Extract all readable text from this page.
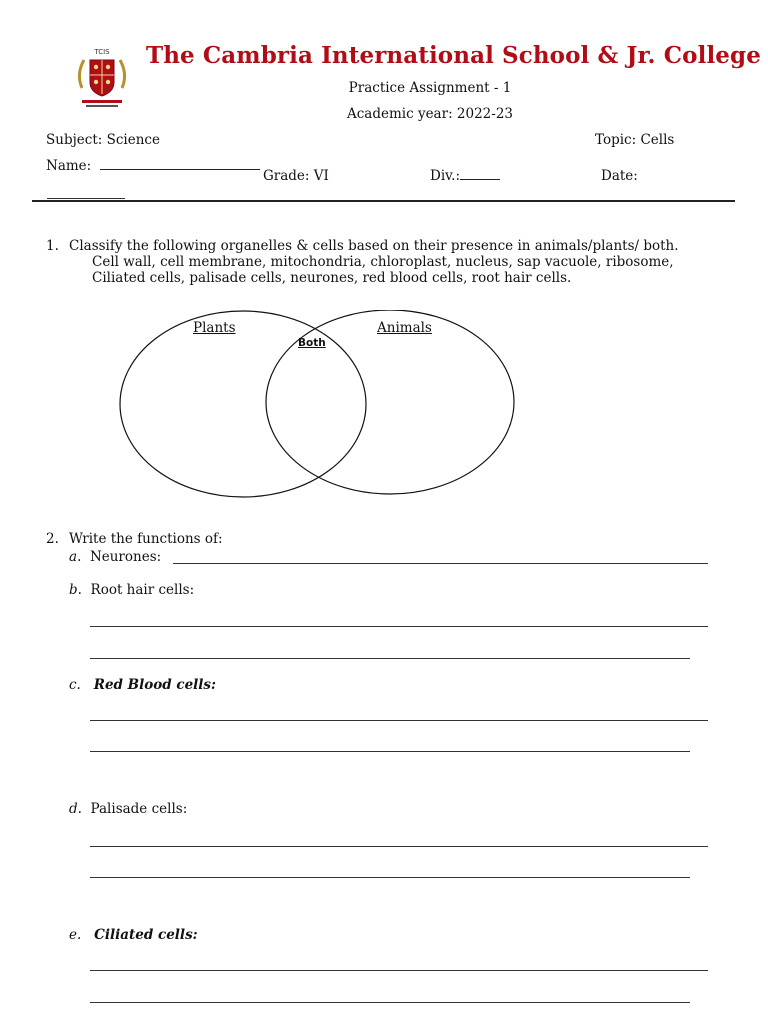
TCIS	The Cambria International School & Jr. College
Practice Assignment - 1
Academic year: 2022-23
Subject: Science	Topic: Cells
Name:
Grade: VI	Div.:	Date:
1. Classify the following organelles & cells based on their presence in animals/plants/ both.
Cell wall, cell membrane, mitochondria, chloroplast, nucleus, sap vacuole, ribosome,
Ciliated cells, palisade cells, neurones, red blood cells, root hair cells.
Plants	Animals
Both
2. Write the functions of:
a.  Neurones:
b.  Root hair cells:
c. Red Blood cells:
d.  Palisade cells:
e. Ciliated cells:
